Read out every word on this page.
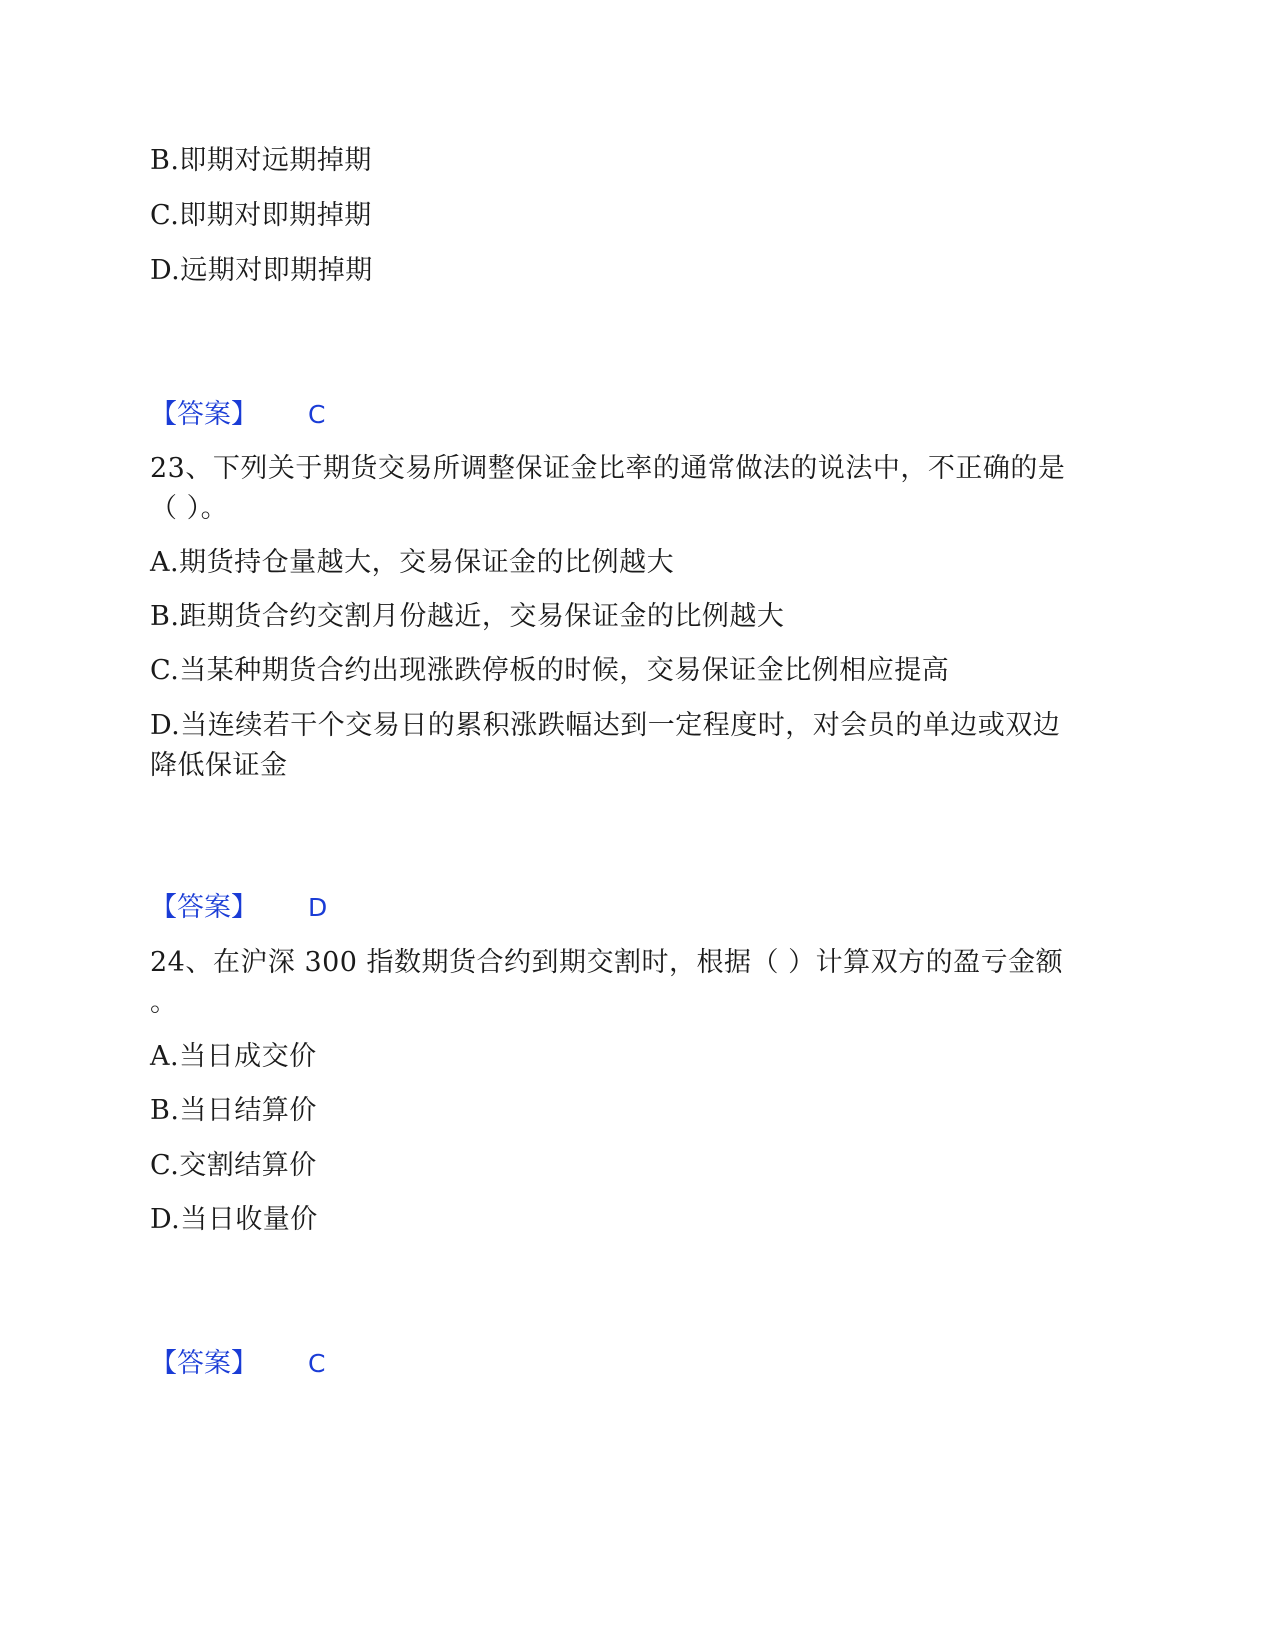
B.即期对远期掉期
C.即期对即期掉期
D.远期对即期掉期
【答案】 C
23、下列关于期货交易所调整保证金比率的通常做法的说法中，不正确的是
（ ）。
A.期货持仓量越大，交易保证金的比例越大
B.距期货合约交割月份越近，交易保证金的比例越大
C.当某种期货合约出现涨跌停板的时候，交易保证金比例相应提高
D.当连续若干个交易日的累积涨跌幅达到一定程度时，对会员的单边或双边
降低保证金
【答案】 D
24、在沪深 300 指数期货合约到期交割时，根据（ ）计算双方的盈亏金额
。
A.当日成交价
B.当日结算价
C.交割结算价
D.当日收量价
【答案】 C
